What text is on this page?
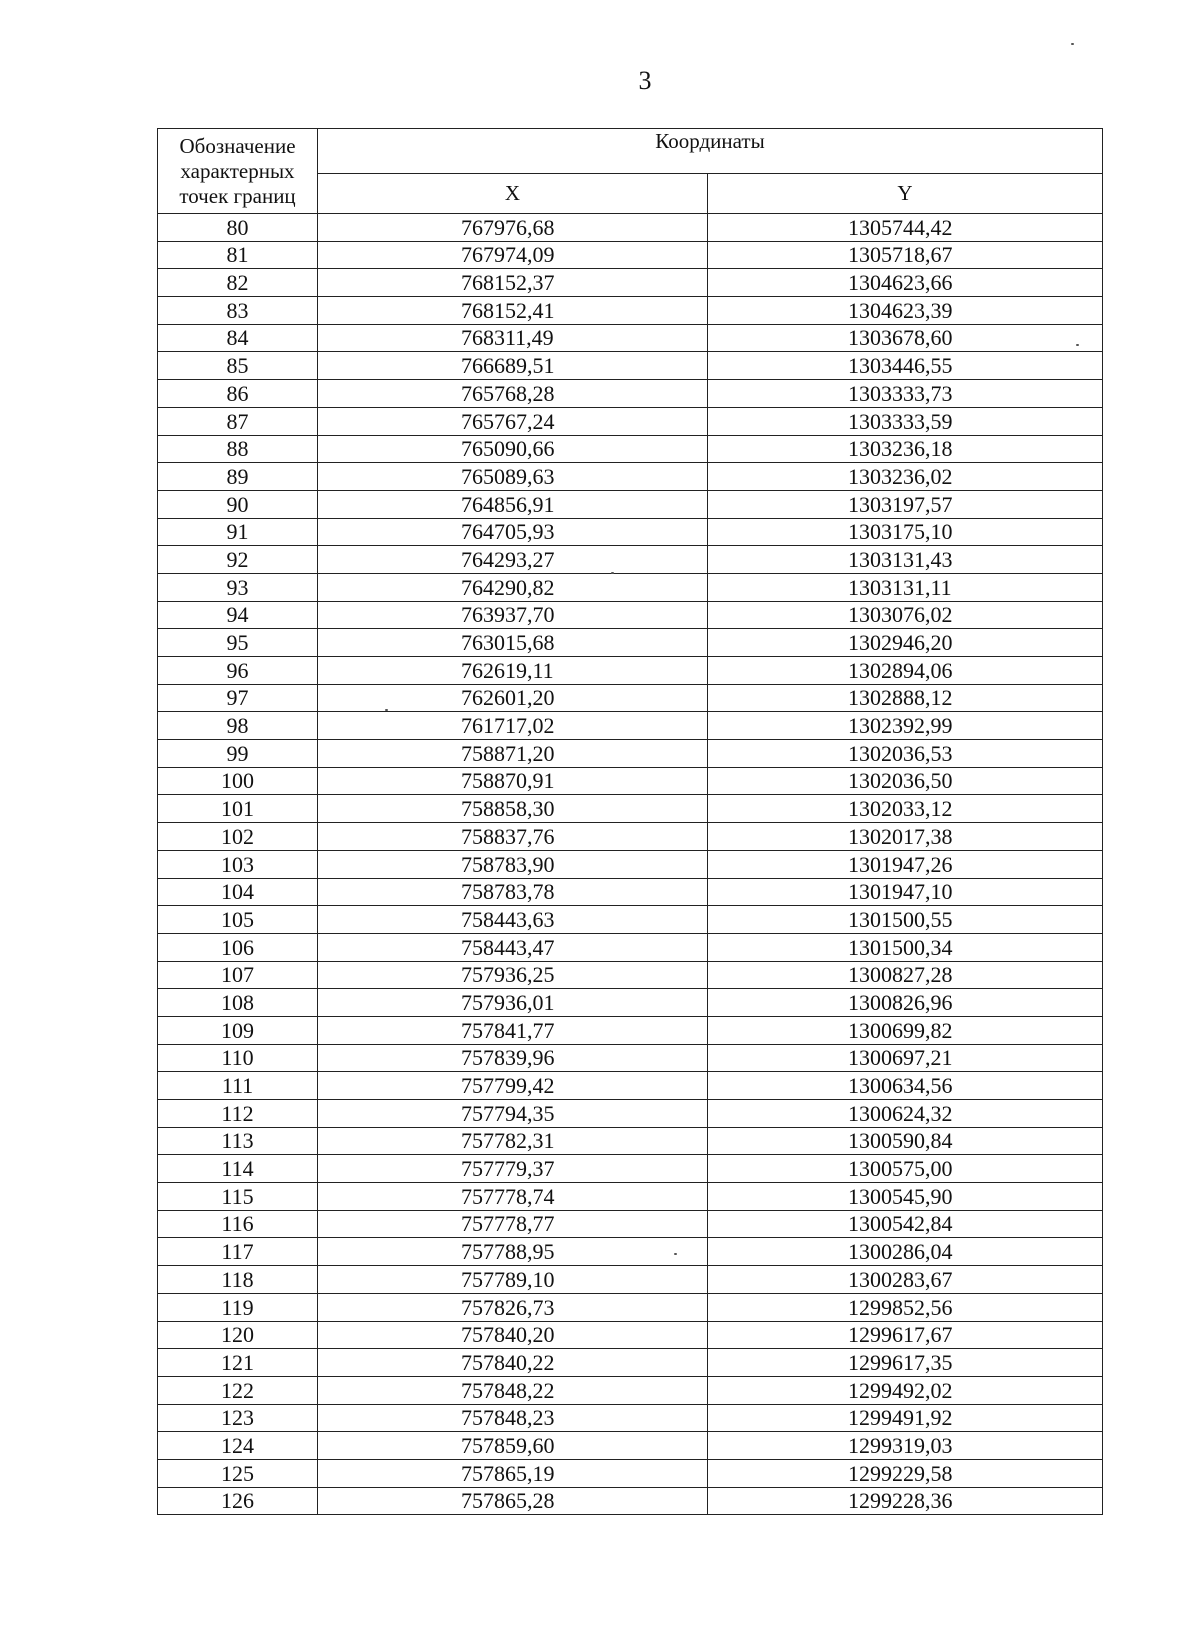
3
Обозначение характерных точек границ	Координаты	
	X	Y
80	767976,68	1305744,42
81	767974,09	1305718,67
82	768152,37	1304623,66
83	768152,41	1304623,39
84	768311,49	1303678,60
85	766689,51	1303446,55
86	765768,28	1303333,73
87	765767,24	1303333,59
88	765090,66	1303236,18
89	765089,63	1303236,02
90	764856,91	1303197,57
91	764705,93	1303175,10
92	764293,27	1303131,43
93	764290,82	1303131,11
94	763937,70	1303076,02
95	763015,68	1302946,20
96	762619,11	1302894,06
97	762601,20	1302888,12
98	761717,02	1302392,99
99	758871,20	1302036,53
100	758870,91	1302036,50
101	758858,30	1302033,12
102	758837,76	1302017,38
103	758783,90	1301947,26
104	758783,78	1301947,10
105	758443,63	1301500,55
106	758443,47	1301500,34
107	757936,25	1300827,28
108	757936,01	1300826,96
109	757841,77	1300699,82
110	757839,96	1300697,21
111	757799,42	1300634,56
112	757794,35	1300624,32
113	757782,31	1300590,84
114	757779,37	1300575,00
115	757778,74	1300545,90
116	757778,77	1300542,84
117	757788,95	1300286,04
118	757789,10	1300283,67
119	757826,73	1299852,56
120	757840,20	1299617,67
121	757840,22	1299617,35
122	757848,22	1299492,02
123	757848,23	1299491,92
124	757859,60	1299319,03
125	757865,19	1299229,58
126	757865,28	1299228,36
